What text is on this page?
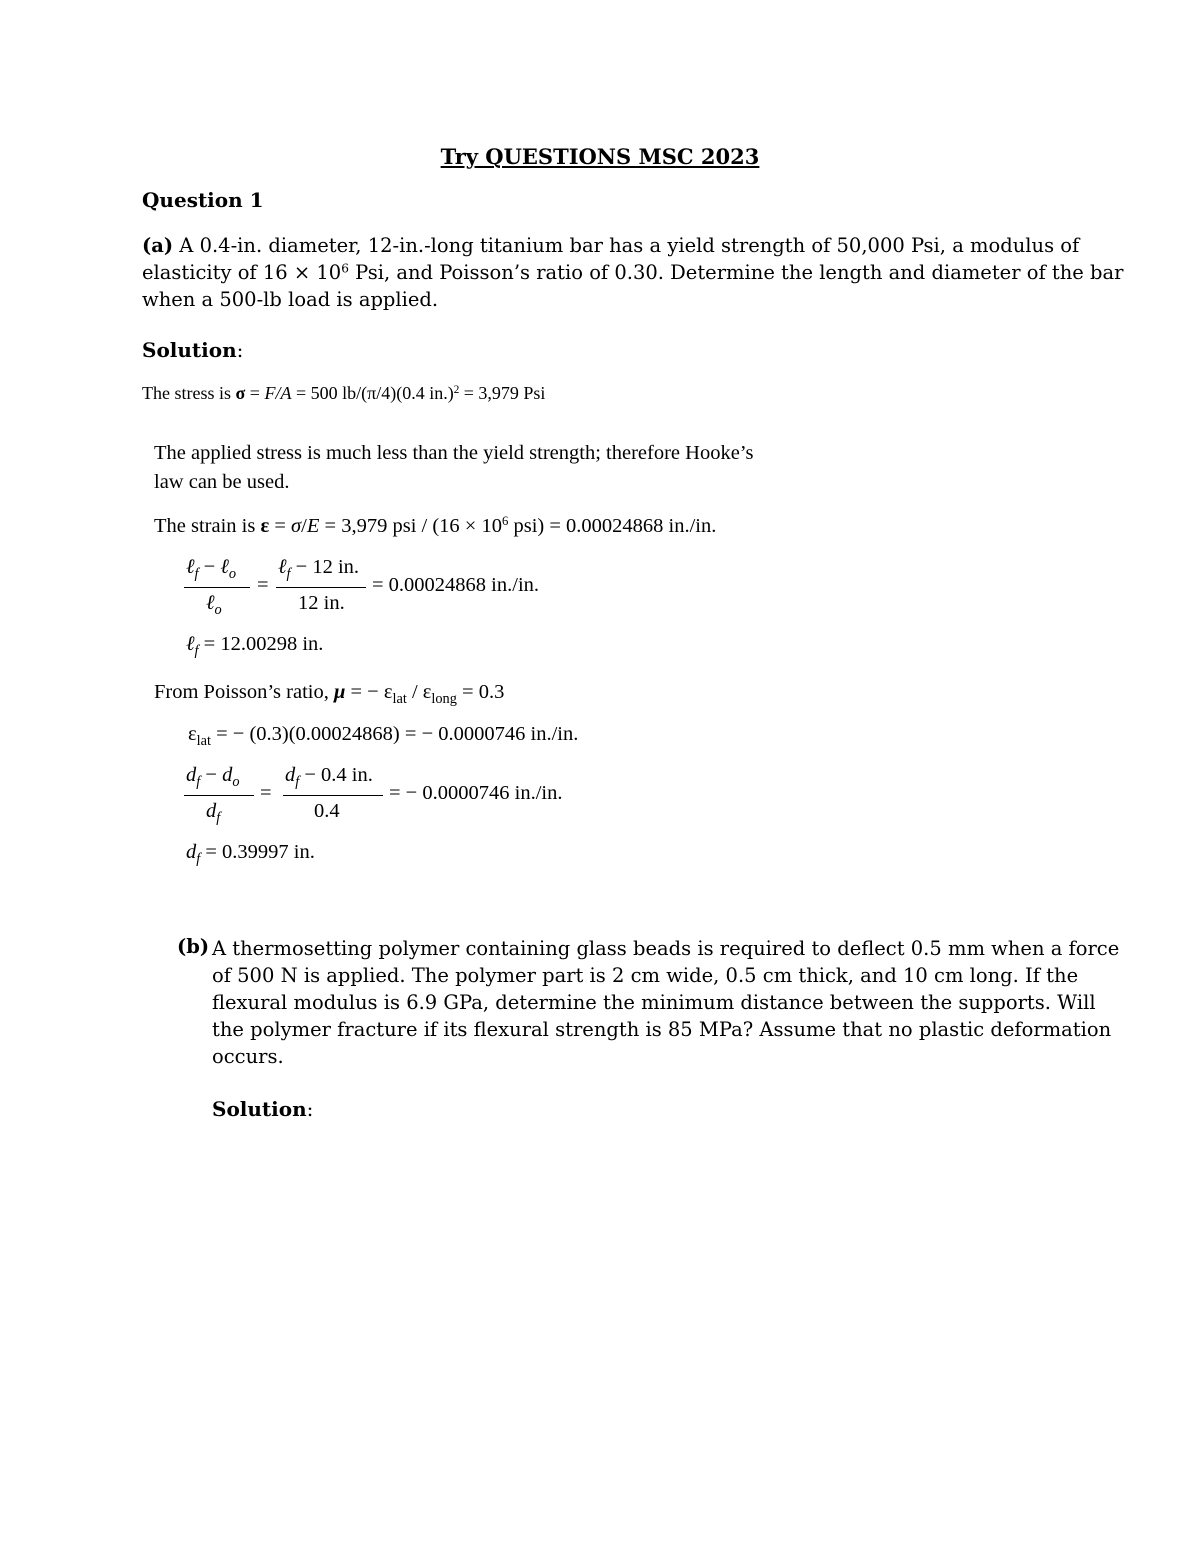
Try QUESTIONS MSC 2023
Question 1
(a) A 0.4-in. diameter, 12-in.-long titanium bar has a yield strength of 50,000 Psi, a modulus of
elasticity of $16 \times 10^6$ Psi, and Poisson’s ratio of 0.30. Determine the length and diameter of the bar
when a 500-lb load is applied.
Solution:
The stress is σ = F/A = 500 lb/(π/4)(0.4 in.)$^2$ = 3,979 Psi
The applied stress is much less than the yield strength; therefore Hooke’s
law can be used.
The strain is ε = σ/E = 3,979 psi / ($16 \times 10^6$ psi) = 0.00024868 in./in.
ℓ$_f$ − ℓ$_o$
ℓ$_o$
=
ℓ$_f$ − 12 in.
12 in.
= 0.00024868 in./in.
ℓ$_f$ = 12.00298 in.
From Poisson’s ratio, μ = − $\varepsilon_{lat} / \varepsilon_{long} = 0.3$
$\varepsilon_{lat}$ = − (0.3)(0.00024868) = − 0.0000746 in./in.
$d_f - d_o$
$d_f$
=
$d_f - 0.4$ in.
0.4
= − 0.0000746 in./in.
$d_f = 0.39997$ in.
(b) A thermosetting polymer containing glass beads is required to deflect 0.5 mm when a force
of 500 N is applied. The polymer part is 2 cm wide, 0.5 cm thick, and 10 cm long. If the
flexural modulus is 6.9 GPa, determine the minimum distance between the supports. Will
the polymer fracture if its flexural strength is 85 MPa? Assume that no plastic deformation
occurs.
Solution:
